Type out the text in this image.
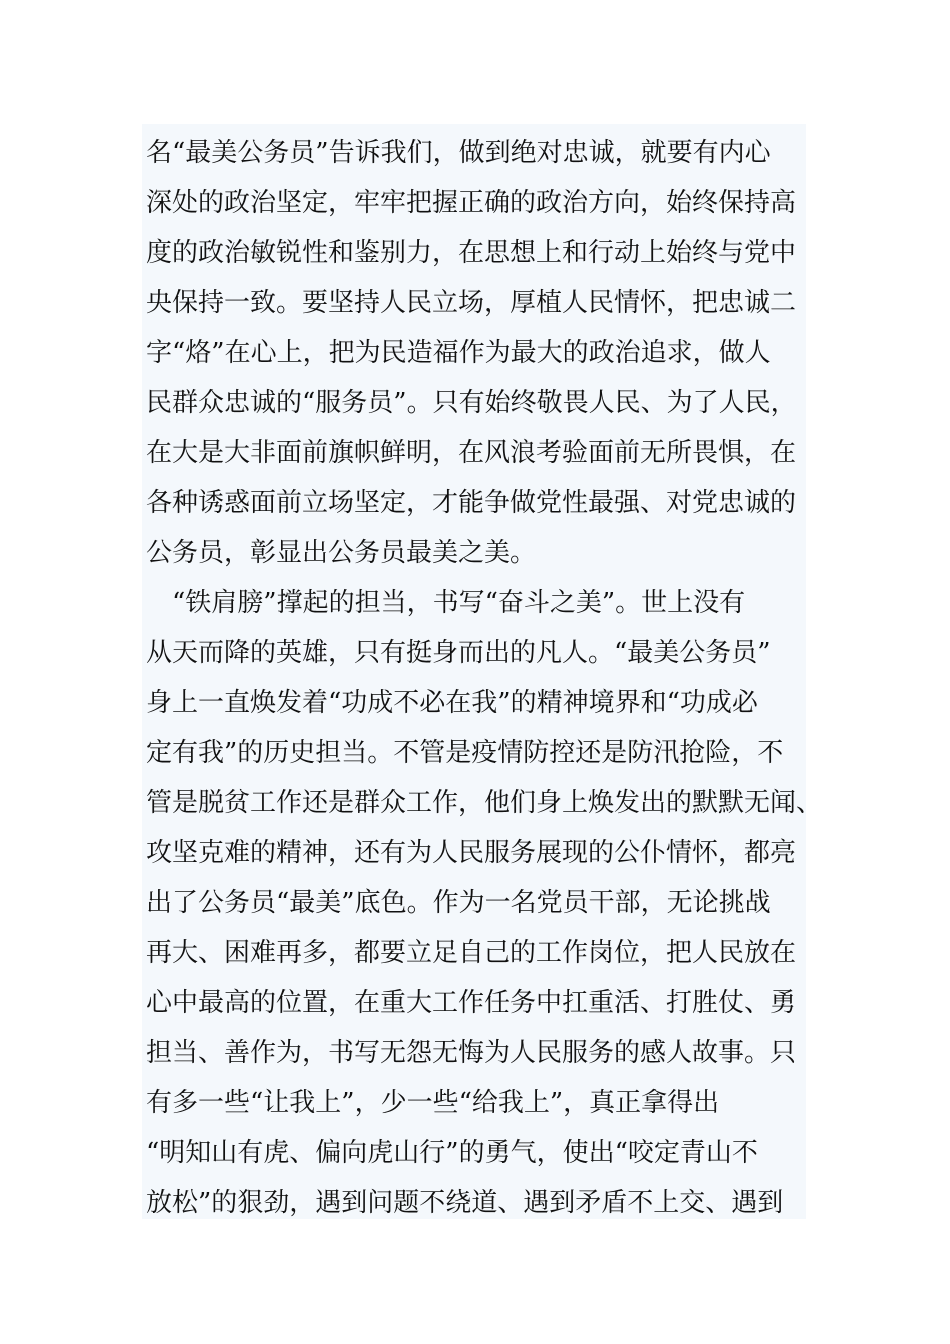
名“最美公务员”告诉我们，做到绝对忠诚，就要有内心
深处的政治坚定，牢牢把握正确的政治方向，始终保持高
度的政治敏锐性和鉴别力，在思想上和行动上始终与党中
央保持一致。要坚持人民立场，厚植人民情怀，把忠诚二
字“烙”在心上，把为民造福作为最大的政治追求，做人
民群众忠诚的“服务员”。只有始终敬畏人民、为了人民，
在大是大非面前旗帜鲜明，在风浪考验面前无所畏惧，在
各种诱惑面前立场坚定，才能争做党性最强、对党忠诚的
公务员，彰显出公务员最美之美。
　“铁肩膀”撑起的担当，书写“奋斗之美”。世上没有
从天而降的英雄，只有挺身而出的凡人。“最美公务员”
身上一直焕发着“功成不必在我”的精神境界和“功成必
定有我”的历史担当。不管是疫情防控还是防汛抢险，不
管是脱贫工作还是群众工作，他们身上焕发出的默默无闻、
攻坚克难的精神，还有为人民服务展现的公仆情怀，都亮
出了公务员“最美”底色。作为一名党员干部，无论挑战
再大、困难再多，都要立足自己的工作岗位，把人民放在
心中最高的位置，在重大工作任务中扛重活、打胜仗、勇
担当、善作为，书写无怨无悔为人民服务的感人故事。只
有多一些“让我上”，少一些“给我上”，真正拿得出
“明知山有虎、偏向虎山行”的勇气，使出“咬定青山不
放松”的狠劲，遇到问题不绕道、遇到矛盾不上交、遇到
